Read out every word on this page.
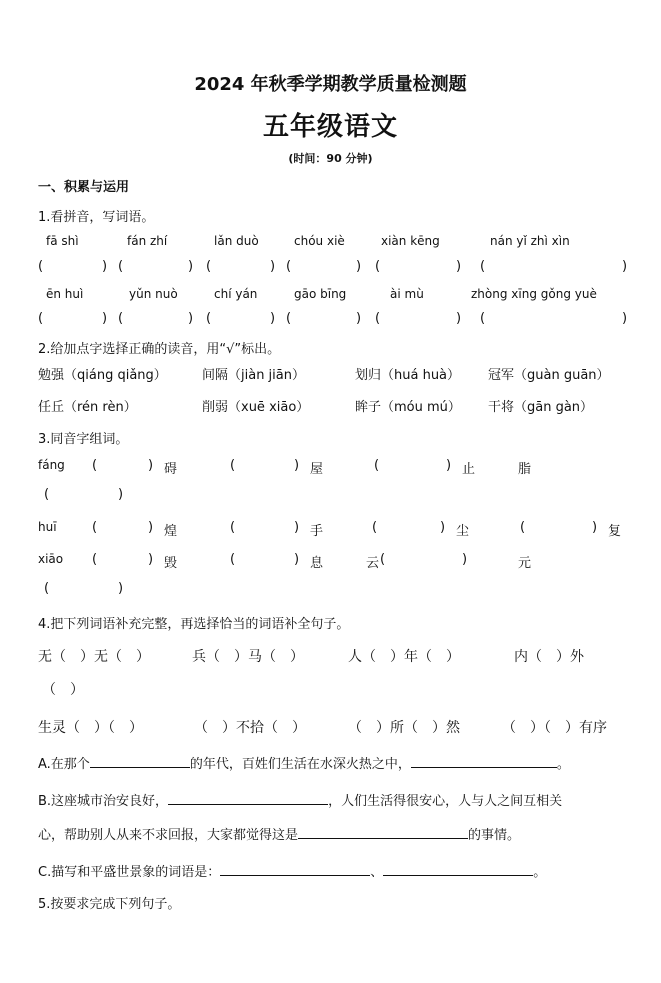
2024 年秋季学期教学质量检测题
五年级语文
(时间：90 分钟)
一、积累与运用
1.看拼音，写词语。
fā shì	fán zhí	lǎn duò	chóu xiè	xiàn kēng	nán yǐ zhì xìn
(	) (	) (	) (	) (	) (	)
ēn huì	yǔn nuò	chí yán	gāo bīng	ài mù	zhòng xīng gǒng yuè
(	) (	) (	) (	) (	) (	)
2.给加点字选择正确的读音，用“√”标出。
勉强（qiáng qiǎng）	间隔（jiàn jiān）	划归（huá huà） 冠军（guàn guān）
任丘（rén rèn）	削弱（xuē xiāo）	眸子（móu mú） 干将（gān gàn）
3.同音字组词。
fáng (	) 碍	(	) 屋	(	) 止	脂
(	)
huī	(	) 煌	(	) 手	(	) 尘	(	) 复
xiāo (	) 毁	(	) 息	云 (	)	元
(	)
4.把下列词语补充完整，再选择恰当的词语补全句子。
无（　）无（　）	兵（　）马（　）	人（　）年（　）	内（　）外
（　）
生灵（　）（　）	（　）不拾（　）	（　）所（　）然	（　）（　）有序
A.在那个	的年代，百姓们生活在水深火热之中，	。
B.这座城市治安良好，	，人们生活得很安心，人与人之间互相关
心，帮助别人从来不求回报，大家都觉得这是	的事情。
C.描写和平盛世景象的词语是：	、	。
5.按要求完成下列句子。
